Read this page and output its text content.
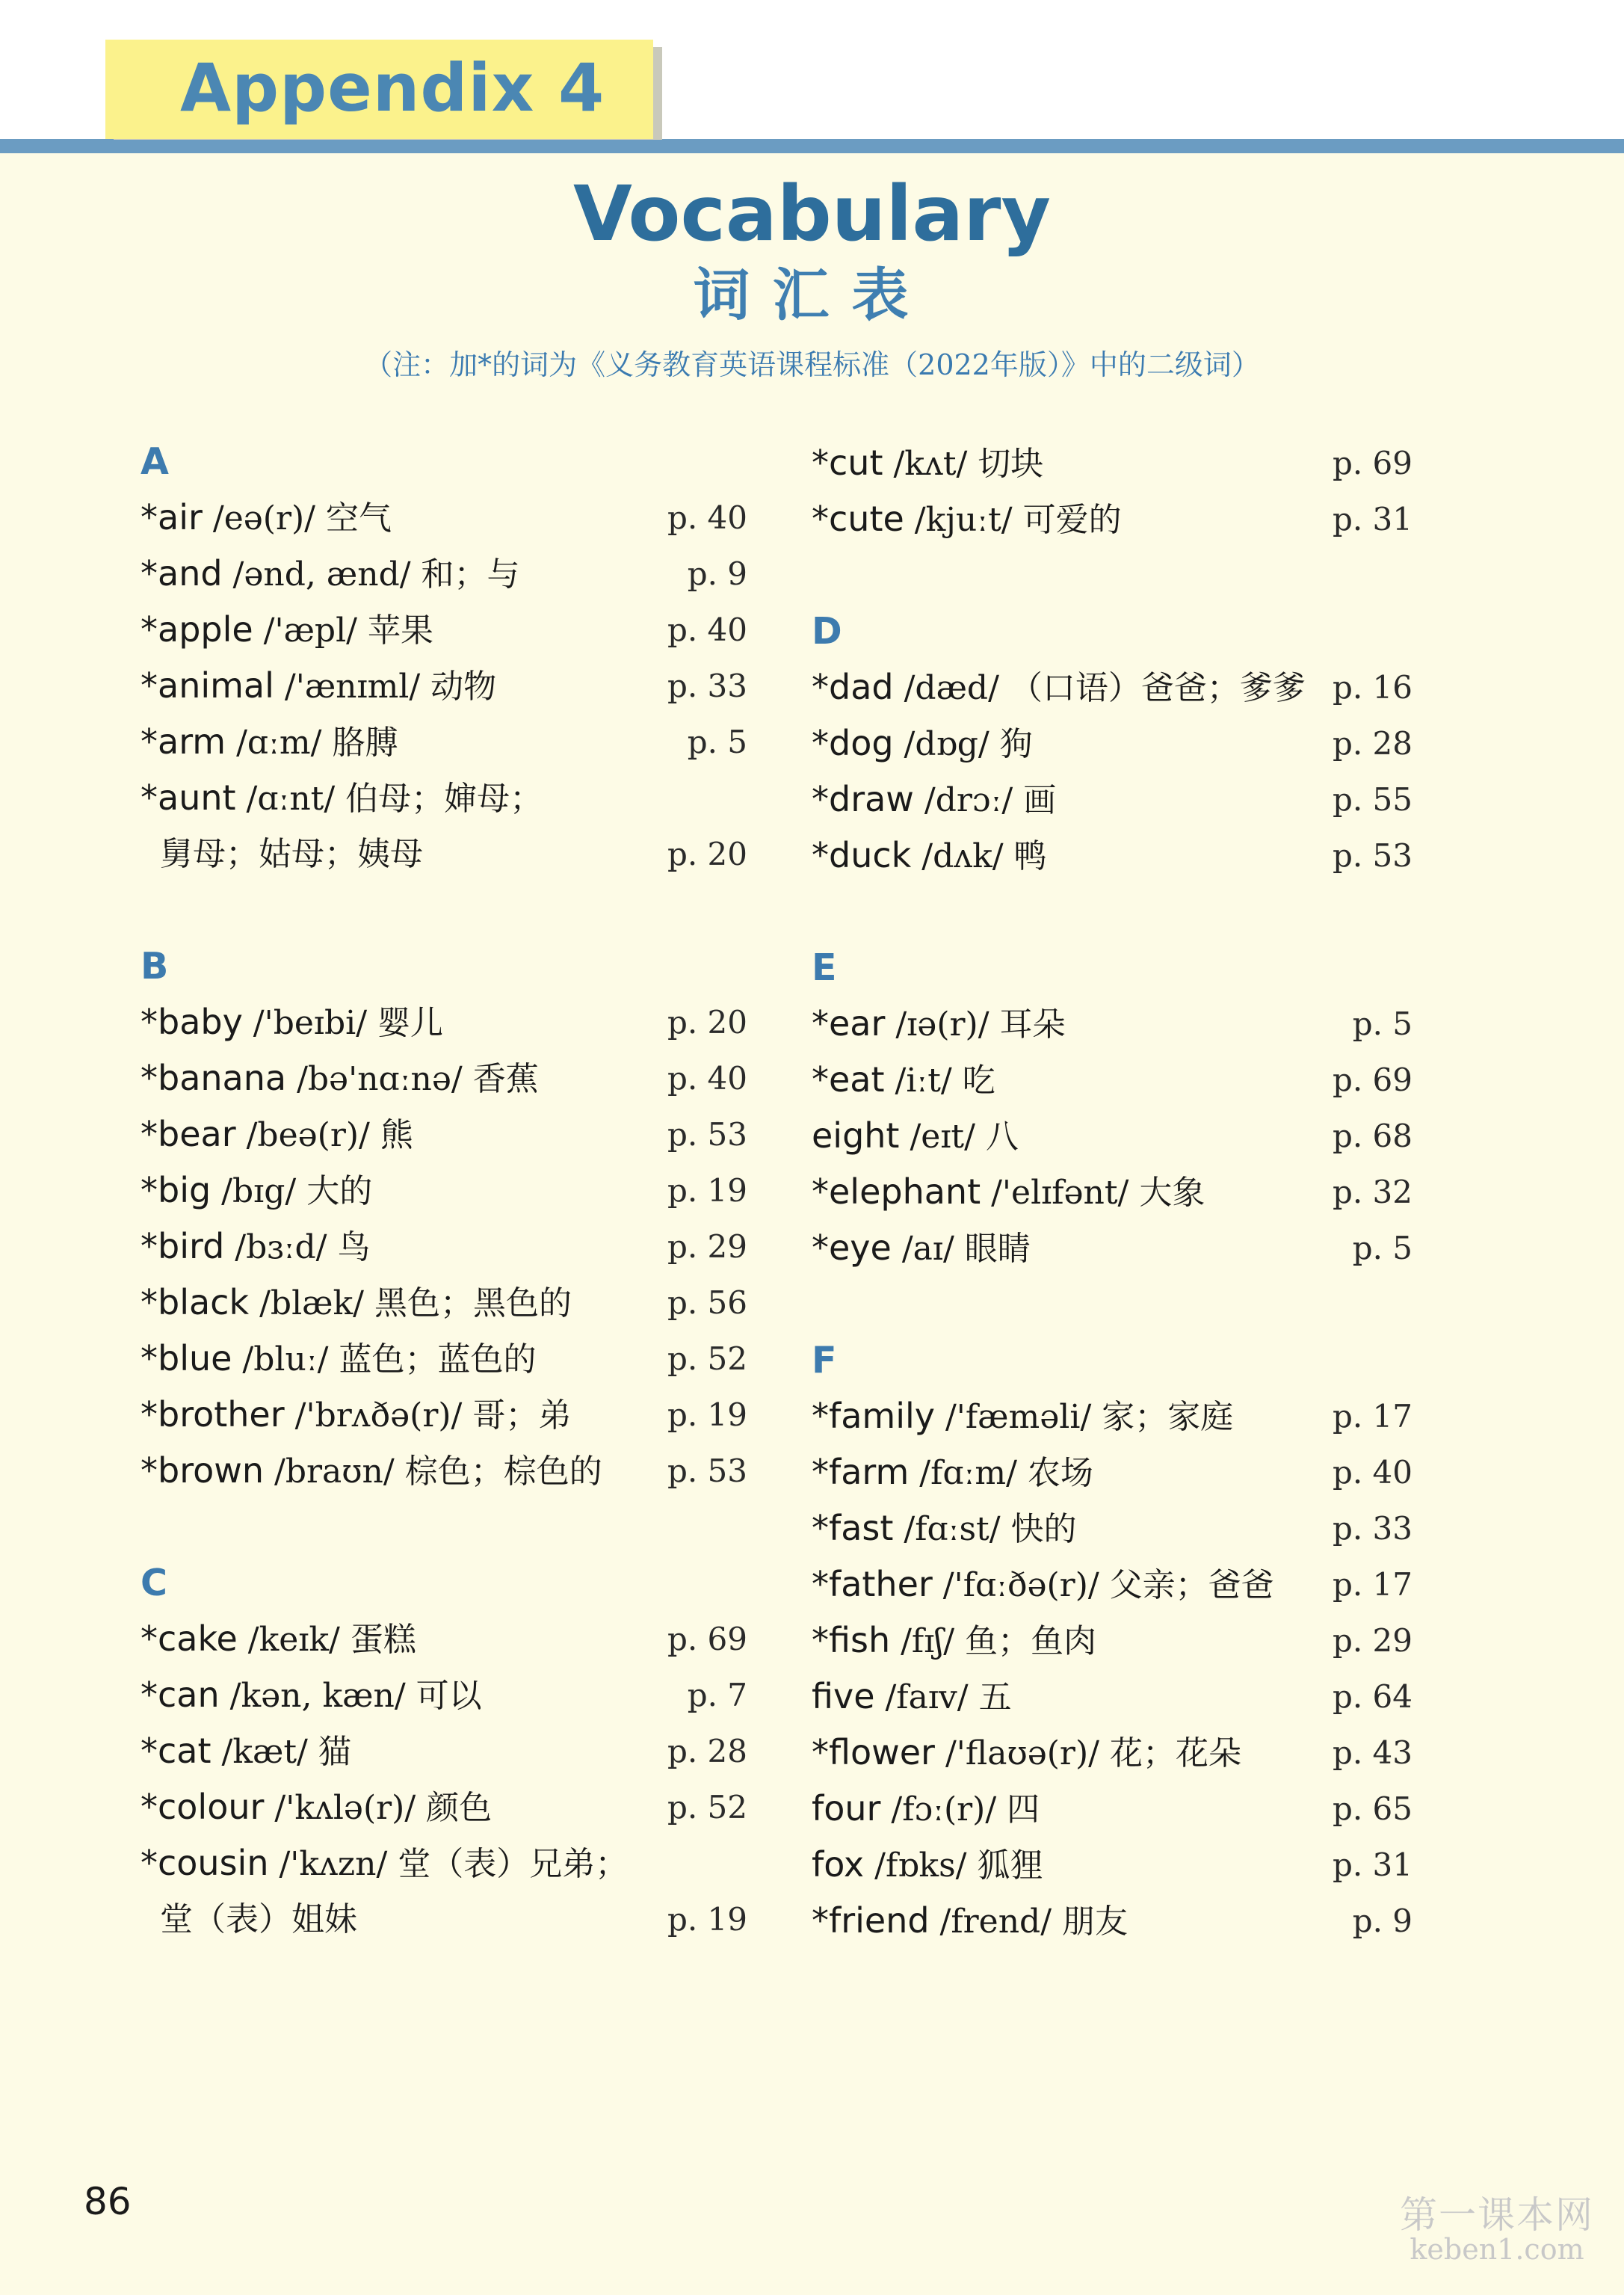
Appendix 4
Vocabulary
词汇表
（注：加*的词为《义务教育英语课程标准（2022年版）》中的二级词）
A
*air /eə(r)/ 空气	p. 40
*and /ənd, ænd/ 和；与	p. 9
*apple /'æpl/ 苹果	p. 40
*animal /'ænɪml/ 动物	p. 33
*arm /ɑːm/ 胳膊	p. 5
*aunt /ɑːnt/ 伯母；婶母；
舅母；姑母；姨母	p. 20
B
*baby /'beɪbi/ 婴儿	p. 20
*banana /bə'nɑːnə/ 香蕉	p. 40
*bear /beə(r)/ 熊	p. 53
*big /bɪg/ 大的	p. 19
*bird /bɜːd/ 鸟	p. 29
*black /blæk/ 黑色；黑色的	p. 56
*blue /bluː/ 蓝色；蓝色的	p. 52
*brother /'brʌðə(r)/ 哥；弟	p. 19
*brown /braʊn/ 棕色；棕色的 p. 53
C
*cake /keɪk/ 蛋糕	p. 69
*can /kən, kæn/ 可以	p. 7
*cat /kæt/ 猫	p. 28
*colour /'kʌlə(r)/ 颜色	p. 52
*cousin /'kʌzn/ 堂（表）兄弟；
堂（表）姐妹	p. 19
*cut /kʌt/ 切块	p. 69
*cute /kjuːt/ 可爱的	p. 31
D
*dad /dæd/ （口语）爸爸；爹爹 p. 16
*dog /dɒg/ 狗	p. 28
*draw /drɔː/ 画	p. 55
*duck /dʌk/ 鸭	p. 53
E
*ear /ɪə(r)/ 耳朵	p. 5
*eat /iːt/ 吃	p. 69
eight /eɪt/ 八	p. 68
*elephant /'elɪfənt/ 大象	p. 32
*eye /aɪ/ 眼睛	p. 5
F
*family /'fæməli/ 家；家庭	p. 17
*farm /fɑːm/ 农场	p. 40
*fast /fɑːst/ 快的	p. 33
*father /'fɑːðə(r)/ 父亲；爸爸 p. 17
*fish /fɪʃ/ 鱼；鱼肉	p. 29
five /faɪv/ 五	p. 64
*flower /'flaʊə(r)/ 花；花朵	p. 43
four /fɔː(r)/ 四	p. 65
fox /fɒks/ 狐狸	p. 31
*friend /frend/ 朋友	p. 9
86	第一课本网
keben1.com
